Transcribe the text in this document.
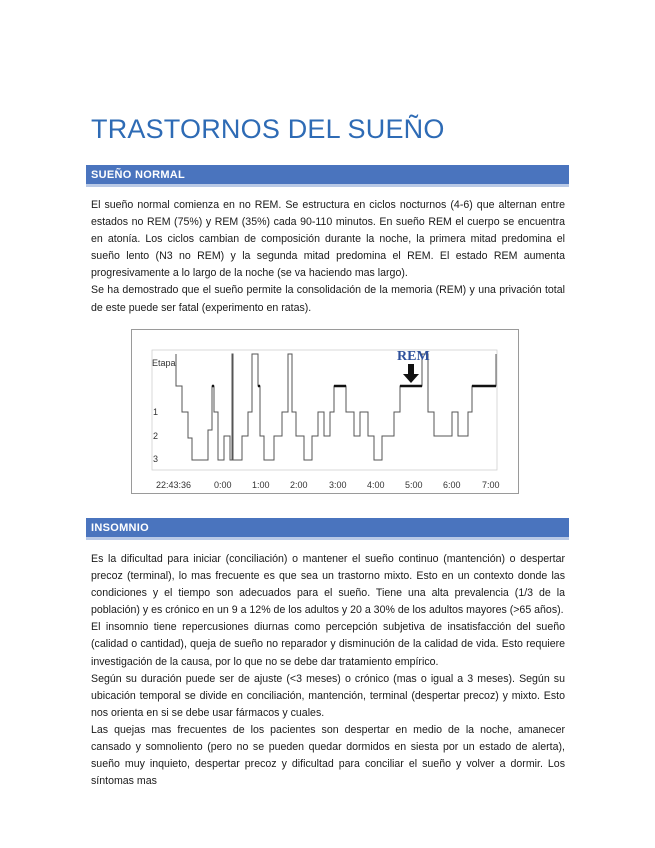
TRASTORNOS DEL SUEÑO
SUEÑO NORMAL

El sueño normal comienza en no REM. Se estructura en ciclos nocturnos (4-6) que alternan entre estados no REM (75%) y REM (35%) cada 90-110 minutos. En sueño REM el cuerpo se encuentra en atonía. Los ciclos cambian de composición durante la noche, la primera mitad predomina el sueño lento (N3 no REM) y la segunda mitad predomina el REM. El estado REM aumenta progresivamente a lo largo de la noche (se va haciendo mas largo).

Se ha demostrado que el sueño permite la consolidación de la memoria (REM) y una privación total de este puede ser fatal (experimento en ratas).

Etapa
1
2
3
22:43:36	0:00 1:00 2:00 3:00 4:00 5:00 6:00 7:00
REM
INSOMNIO

Es la dificultad para iniciar (conciliación) o mantener el sueño continuo (mantención) o despertar precoz (terminal), lo mas frecuente es que sea un trastorno mixto. Esto en un contexto donde las condiciones y el tiempo son adecuados para el sueño. Tiene una alta prevalencia (1/3 de la población) y es crónico en un 9 a 12% de los adultos y 20 a 30% de los adultos mayores (>65 años).

El insomnio tiene repercusiones diurnas como percepción subjetiva de insatisfacción del sueño (calidad o cantidad), queja de sueño no reparador y disminución de la calidad de vida. Esto requiere investigación de la causa, por lo que no se debe dar tratamiento empírico.

Según su duración puede ser de ajuste (<3 meses) o crónico (mas o igual a 3 meses). Según su ubicación temporal se divide en conciliación, mantención, terminal (despertar precoz) y mixto. Esto nos orienta en si se debe usar fármacos y cuales.

Las quejas mas frecuentes de los pacientes son despertar en medio de la noche, amanecer cansado y somnoliento (pero no se pueden quedar dormidos en siesta por un estado de alerta), sueño muy inquieto, despertar precoz y dificultad para conciliar el sueño y volver a dormir. Los síntomas mas
